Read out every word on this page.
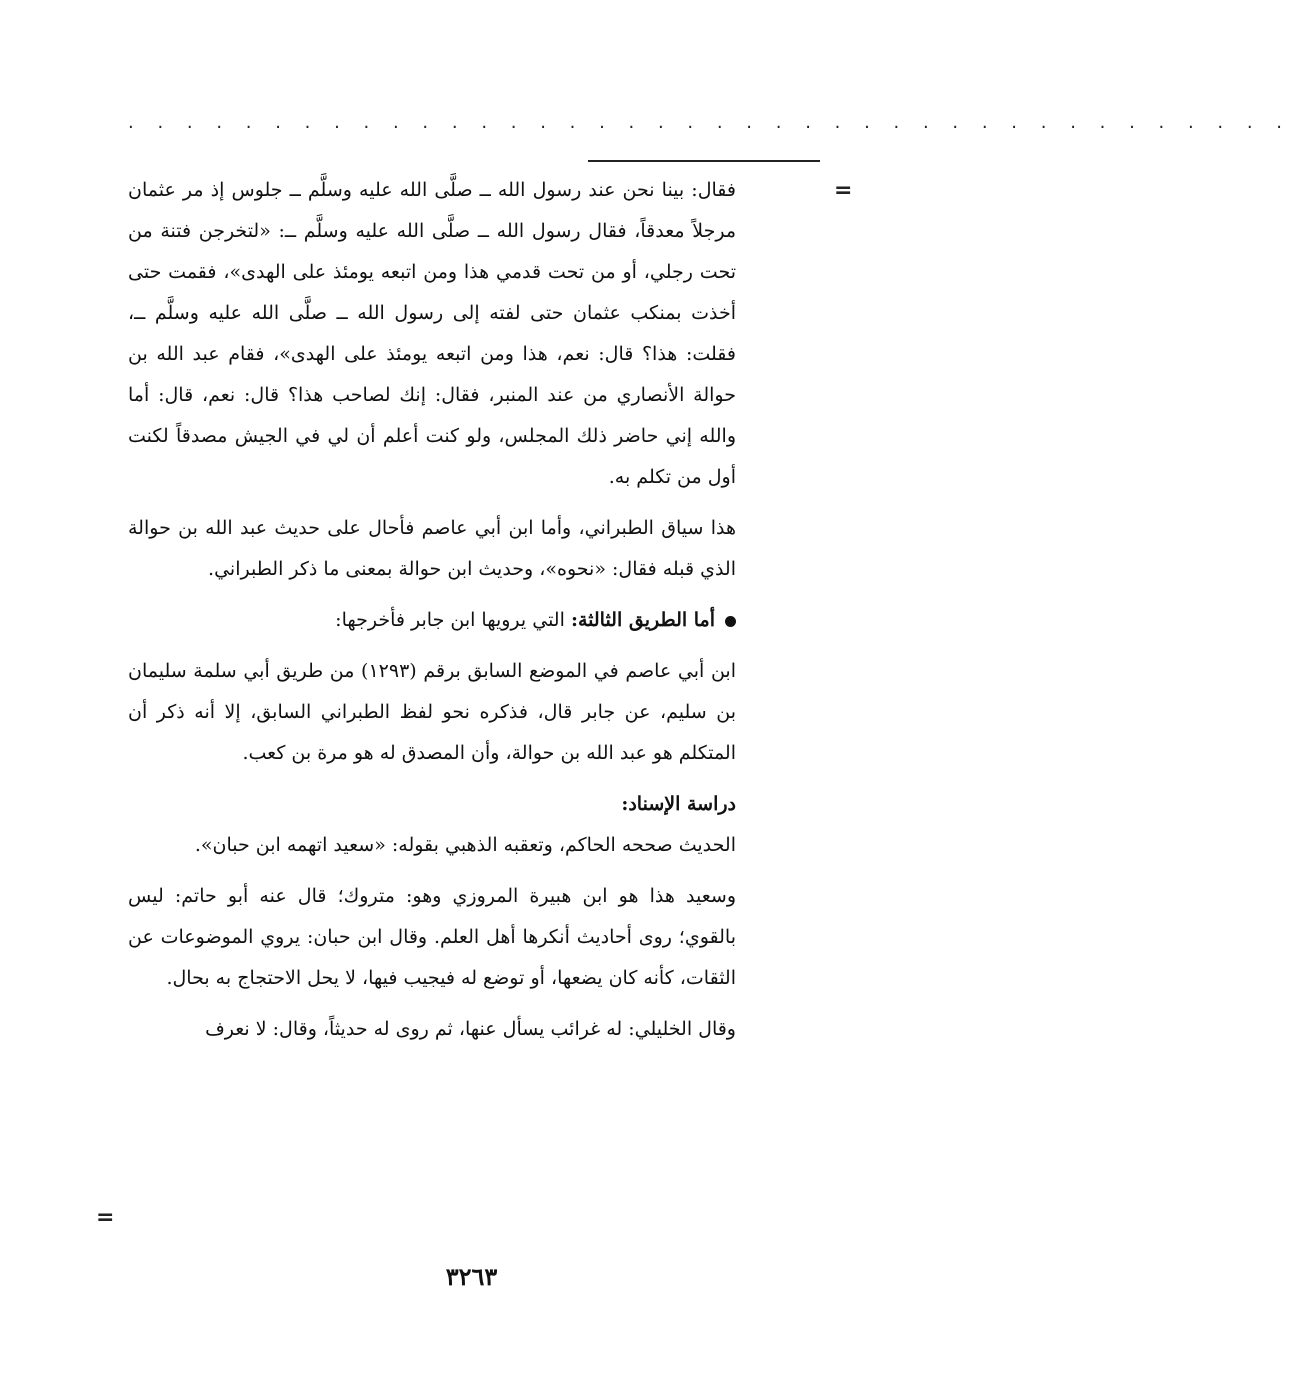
. . . . . . . . . . . . . . . . . . . . . . . . . . . . . . . . . . . . . . . .
=

فقال: بينا نحن عند رسول الله ــ صلَّى الله عليه وسلَّم ــ جلوس إذ مر عثمان مرجلاً معدقاً، فقال رسول الله ــ صلَّى الله عليه وسلَّم ــ: «لتخرجن فتنة من تحت رجلي، أو من تحت قدمي هذا ومن اتبعه يومئذ على الهدى»، فقمت حتى أخذت بمنكب عثمان حتى لفته إلى رسول الله ــ صلَّى الله عليه وسلَّم ــ، فقلت: هذا؟ قال: نعم، هذا ومن اتبعه يومئذ على الهدى»، فقام عبد الله بن حوالة الأنصاري من عند المنبر، فقال: إنك لصاحب هذا؟ قال: نعم، قال: أما والله إني حاضر ذلك المجلس، ولو كنت أعلم أن لي في الجيش مصدقاً لكنت أول من تكلم به.

هذا سياق الطبراني، وأما ابن أبي عاصم فأحال على حديث عبد الله بن حوالة الذي قبله فقال: «نحوه»، وحديث ابن حوالة بمعنى ما ذكر الطبراني.

أما الطريق الثالثة: التي يرويها ابن جابر فأخرجها:

ابن أبي عاصم في الموضع السابق برقم (١٢٩٣) من طريق أبي سلمة سليمان بن سليم، عن جابر قال، فذكره نحو لفظ الطبراني السابق، إلا أنه ذكر أن المتكلم هو عبد الله بن حوالة، وأن المصدق له هو مرة بن كعب.

دراسة الإسناد:

الحديث صححه الحاكم، وتعقبه الذهبي بقوله: «سعيد اتهمه ابن حبان».

وسعيد هذا هو ابن هبيرة المروزي وهو: متروك؛ قال عنه أبو حاتم: ليس بالقوي؛ روى أحاديث أنكرها أهل العلم. وقال ابن حبان: يروي الموضوعات عن الثقات، كأنه كان يضعها، أو توضع له فيجيب فيها، لا يحل الاحتجاج به بحال.

وقال الخليلي: له غرائب يسأل عنها، ثم روى له حديثاً، وقال: لا نعرف

=
٣٢٦٣
